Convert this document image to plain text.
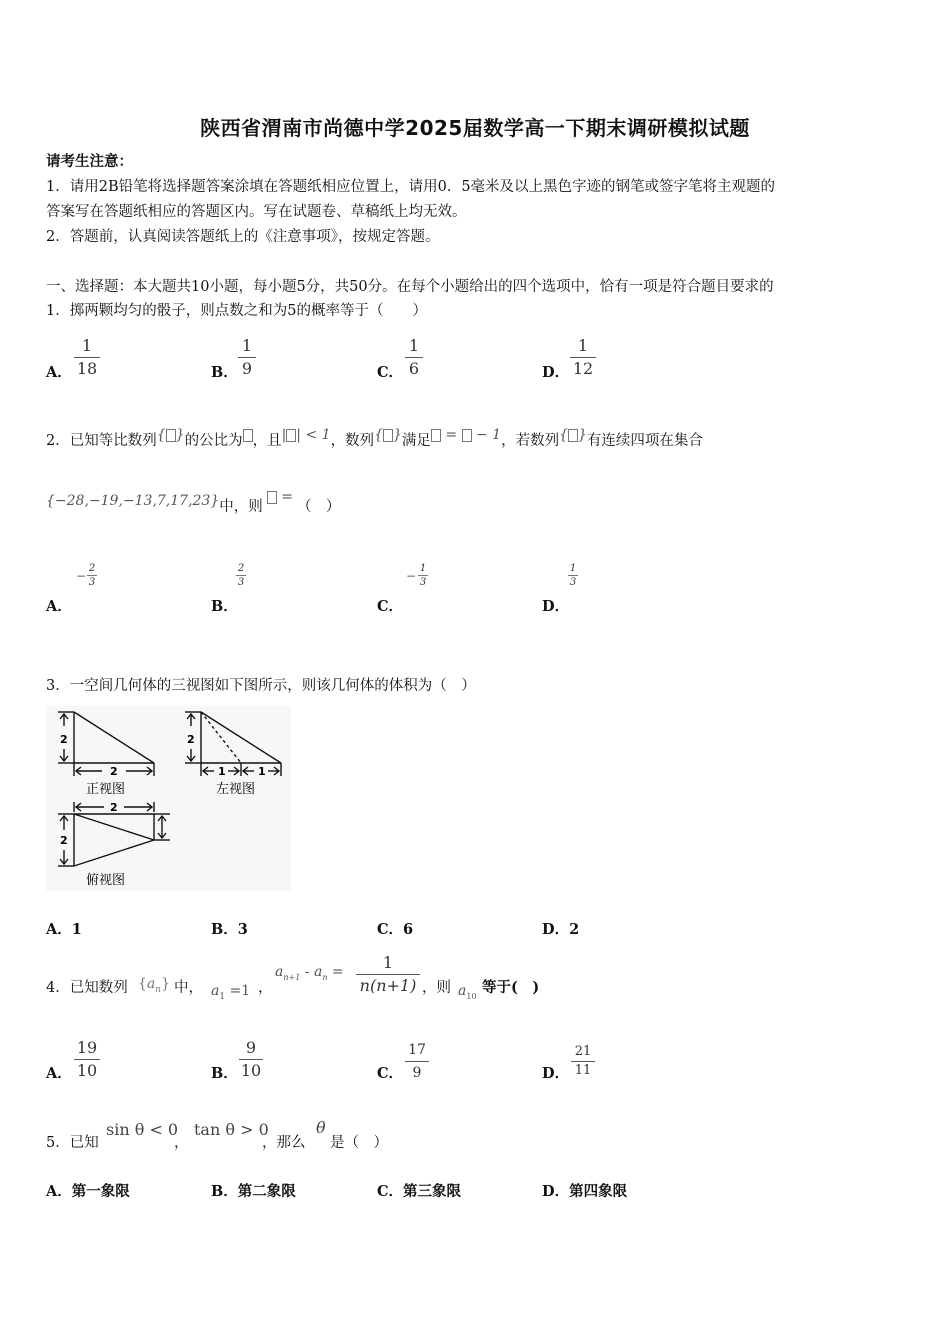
陕西省渭南市尚德中学2025届数学高一下期末调研模拟试题
请考生注意：
1．请用2B铅笔将选择题答案涂填在答题纸相应位置上，请用0．5毫米及以上黑色字迹的钢笔或签字笔将主观题的
答案写在答题纸相应的答题区内。写在试题卷、草稿纸上均无效。
2．答题前，认真阅读答题纸上的《注意事项》，按规定答题。
一、选择题：本大题共10小题，每小题5分，共50分。在每个小题给出的四个选项中，恰有一项是符合题目要求的
1．掷两颗均匀的骰子，则点数之和为5的概率等于（　　）
A．
1
18	B．
1
9	C．
1
6	D．
1
12
2．已知等比数列{ }的公比为 ，且| | < 1，数列{ }满足 = − 1，若数列{ }有连续四项在集合
{−28,−19,−13,7,17,23}中，则 =（　）
A．
−
2
3
B．
2
3
C．
−
1
3
D．
1
3
3．一空间几何体的三视图如下图所示，则该几何体的体积为（　）
2
2
正视图
2
1	1
左视图
2
2
俯视图
A．1	B．3	C．6	D．2
4．已知数列 $\{a_n\}$ 中， $a_1 =1$ ，
$a_{n+1} - a_n$ =	1
n(n+1) ，则 $a_{10}$
等于(　)
A．
19
10	B．
9
10	C．
17
9	D．
21
11
5．已知
sin θ < 0
，
tan θ > 0
，那么
θ
是（　）
A．第一象限	B．第二象限	C．第三象限	D．第四象限
